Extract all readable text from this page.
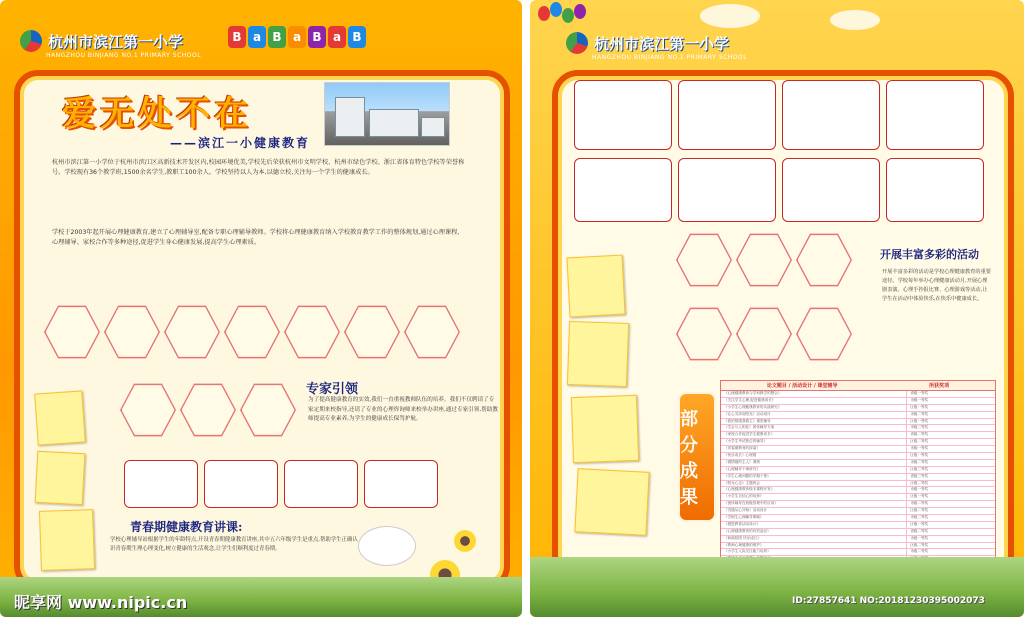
杭州市滨江第一小学
HANGZHOU BINJIANG NO.1 PRIMARY SCHOOL
B a B a B a B
爱无处不在
——滨江一小健康教育
杭州市滨江第一小学位于杭州市滨江区高新技术开发区内,校园环境优美,学校先后荣获杭州市文明学校、杭州市绿色学校、浙江省体育特色学校等荣誉称号。学校现有36个教学班,1500余名学生,教职工100余人。学校坚持以人为本,以德立校,关注每一个学生的健康成长。
学校于2003年起开展心理健康教育,建立了心理辅导室,配备专职心理辅导教师。学校将心理健康教育纳入学校教育教学工作的整体规划,通过心理课程、心理辅导、家校合作等多种途径,促进学生身心健康发展,提高学生心理素质。
专家引领
为了提高健康教育的实效,我们一直重视教师队伍的培养。我们不仅聘请了专家定期来校指导,还请了专业的心理咨询师来校举办讲座,通过专家引领,帮助教师提高专业素养,为学生的健康成长保驾护航。
青春期健康教育讲课:
学校心理辅导站根据学生的年龄特点,开设青春期健康教育讲座,其中五六年级学生是重点,帮助学生正确认识青春期生理心理变化,树立健康的生活观念,让学生们顺利度过青春期。
昵享网 www.nipic.cn
杭州市滨江第一小学
HANGZHOU BINJIANG NO.1 PRIMARY SCHOOL
开展丰富多彩的活动
开展丰富多彩的活动是学校心理健康教育的重要途径。学校每年举办心理健康活动月,开展心理剧表演、心理手抄报比赛、心理游戏等活动,让学生在活动中体验快乐,在快乐中健康成长。
部分成果
论文题目 / 活动设计 / 课堂辅导	所获奖项
《心理健康教育与学科教学的整合》	省级一等奖
《关注学生心理,促进健康成长》	市级一等奖
《小学生心理健康教育的实践研究》	区级一等奖
《让心灵沐浴阳光》活动设计	市级二等奖
《我的情绪我做主》课堂辅导	区级一等奖
《学会与人相处》团体辅导方案	市级三等奖
《家校合作促进学生健康成长》	省级二等奖
《小学生考试焦虑的辅导》	区级二等奖
《青春期教育的探索》	市级一等奖
《快乐成长》心理剧	区级一等奖
《做情绪的主人》课例	市级二等奖
《心理辅导个案研究》	区级三等奖
《学生心理问题的早期干预》	省级三等奖
《阳光心态》主题班会	区级二等奖
《心理健康教育校本课程开发》	市级一等奖
《小学生自信心的培养》	区级一等奖
《团体辅导在班级管理中的应用》	市级二等奖
《沟通从心开始》活动设计	区级二等奖
《学困生心理辅导策略》	市级三等奖
《感恩教育活动设计》	区级一等奖
《心理健康教育的有效途径》	省级二等奖
《和谐校园 快乐成长》	市级一等奖
《教师心理健康的维护》	区级二等奖
《小学生人际交往能力培养》	市级二等奖
ID:27857641 NO:20181230395002073
